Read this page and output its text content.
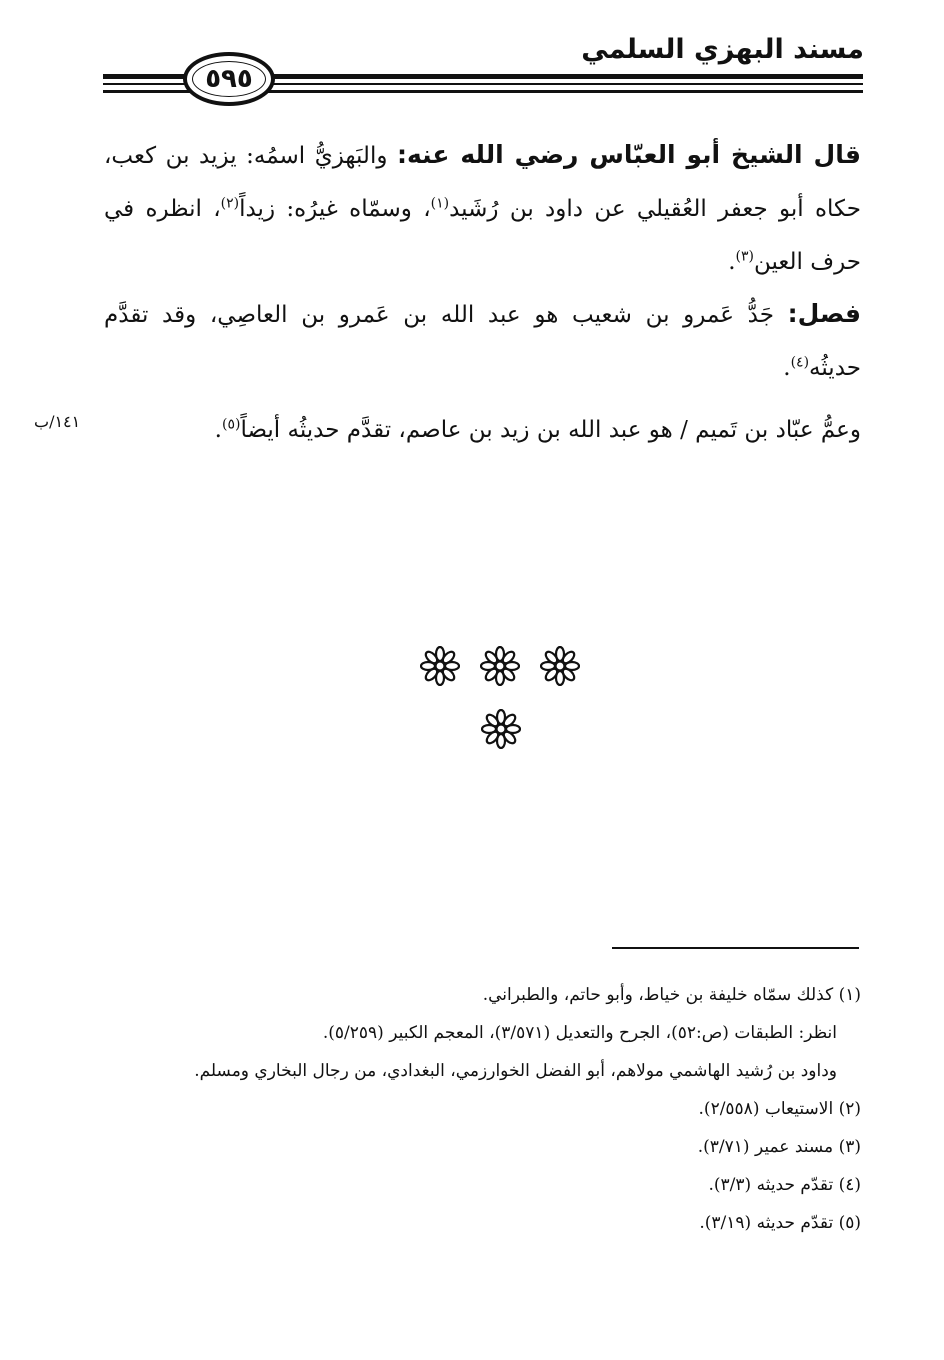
مسند البهزي السلمي
٥٩٥
قال الشيخ أبو العبّاس رضي الله عنه: والبَهزيُّ اسمُه: يزيد بن كعب، حكاه أبو جعفر العُقيلي عن داود بن رُشَيد$^{(١)}$، وسمّاه غيرُه: زيداً$^{(٢)}$، انظره في حرف العين$^{(٣)}$.
فصل: جَدُّ عَمرو بن شعيب هو عبد الله بن عَمرو بن العاصِي، وقد تقدَّم حديثُه$^{(٤)}$.
وعمُّ عبّاد بن تَميم / هو عبد الله بن زيد بن عاصم، تقدَّم حديثُه أيضاً$^{(٥)}$.
١٤١/ب
(١) كذلك سمّاه خليفة بن خياط، وأبو حاتم، والطبراني.
انظر: الطبقات (ص:٥٢)، الجرح والتعديل (٣/٥٧١)، المعجم الكبير (٥/٢٥٩).
وداود بن رُشيد الهاشمي مولاهم، أبو الفضل الخوارزمي، البغدادي، من رجال البخاري ومسلم.
(٢) الاستيعاب (٢/٥٥٨).
(٣) مسند عمير (٣/٧١).
(٤) تقدّم حديثه (٣/٣).
(٥) تقدّم حديثه (٣/١٩).
